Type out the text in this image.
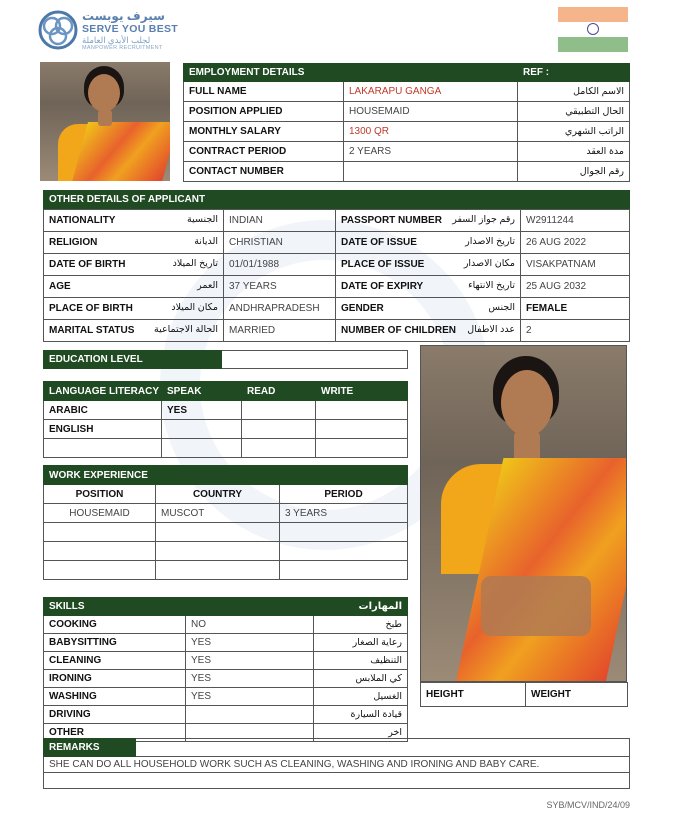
سيرف يوبست
SERVE YOU BEST
لجلب الأيدي العاملة
MANPOWER RECRUITMENT
EMPLOYMENT DETAILS		REF :
FULL NAME	LAKARAPU GANGA	الاسم الكامل
POSITION APPLIED	HOUSEMAID	الحال التطبيقي
MONTHLY SALARY	1300 QR	الراتب الشهري
CONTRACT PERIOD	2 YEARS	مدة العقد
CONTACT NUMBER		رقم الجوال
OTHER DETAILS OF APPLICANT
NATIONALITY الجنسية	INDIAN	PASSPORT NUMBER رقم جواز السفر	W2911244
RELIGION الديانة	CHRISTIAN	DATE OF ISSUE تاريخ الاصدار	26 AUG 2022
DATE OF BIRTH تاريخ الميلاد	01/01/1988	PLACE OF ISSUE مكان الاصدار	VISAKPATNAM
AGE العمر	37 YEARS	DATE OF EXPIRY تاريخ الانتهاء	25 AUG 2032
PLACE OF BIRTH مكان الميلاد	ANDHRAPRADESH	GENDER الجنس	FEMALE
MARITAL STATUS الحالة الاجتماعية	MARRIED	NUMBER OF CHILDREN عدد الاطفال	2
EDUCATION LEVEL	
LANGUAGE LITERACY	SPEAK	READ	WRITE
ARABIC	YES		
ENGLISH			

WORK EXPERIENCE		
POSITION	COUNTRY	PERIOD
HOUSEMAID	MUSCOT	3 YEARS

SKILLS		المهارات
COOKING	NO	طبخ
BABYSITTING	YES	رعاية الصغار
CLEANING	YES	التنظيف
IRONING	YES	كي الملابس
WASHING	YES	الغسيل
DRIVING		قيادة السيارة
OTHER		اخر
HEIGHT	WEIGHT
REMARKS	
SHE CAN DO ALL HOUSEHOLD WORK SUCH AS CLEANING, WASHING AND IRONING AND BABY CARE.

SYB/MCV/IND/24/09
